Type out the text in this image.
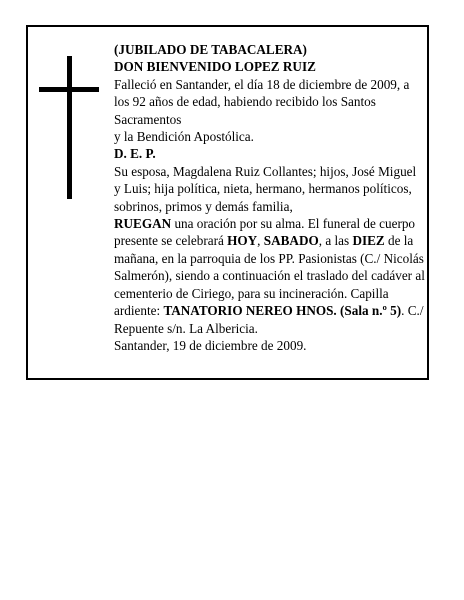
(JUBILADO DE TABACALERA)

DON BIENVENIDO LOPEZ RUIZ

Falleció en Santander, el día 18 de diciembre de 2009, a los 92 años de edad, habiendo recibido los Santos Sacramentos

y la Bendición Apostólica.

D. E. P.

Su esposa, Magdalena Ruiz Collantes; hijos, José Miguel y Luis; hija política, nieta, hermano, hermanos políticos, sobrinos, primos y demás familia,

RUEGAN una oración por su alma. El funeral de cuerpo presente se celebrará HOY, SABADO, a las DIEZ de la mañana, en la parroquia de los PP. Pasionistas (C./ Nicolás Salmerón), siendo a continuación el traslado del cadáver al cementerio de Ciriego, para su incineración. Capilla ardiente: TANATORIO NEREO HNOS. (Sala n.º 5). C./ Repuente s/n. La Albericia.

Santander, 19 de diciembre de 2009.
